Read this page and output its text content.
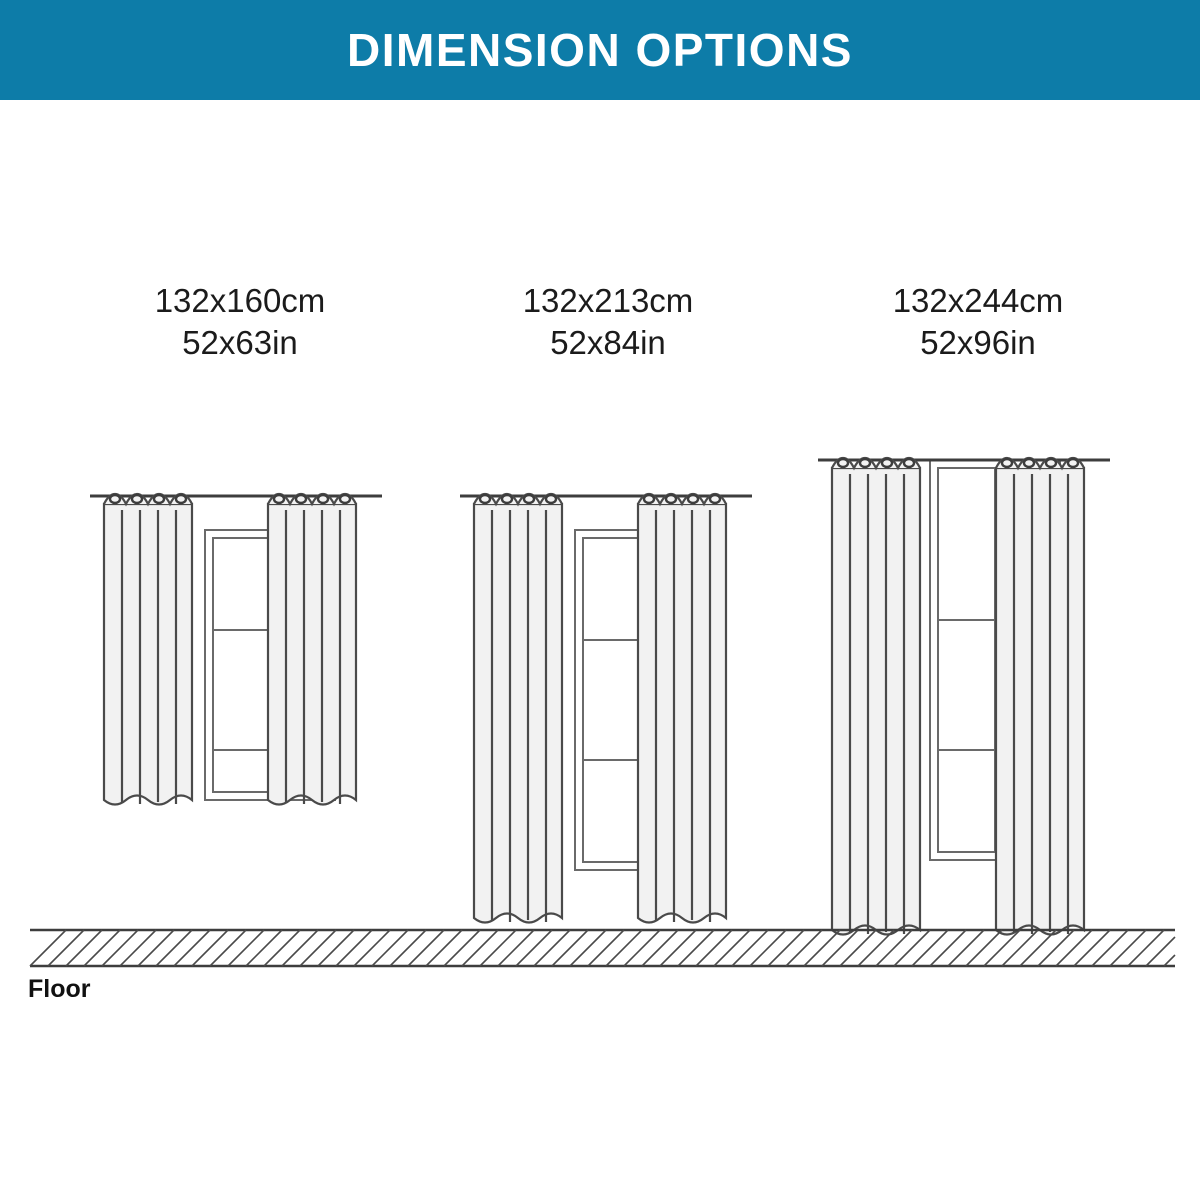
DIMENSION OPTIONS
132x160cm
52x63in
132x213cm
52x84in
132x244cm
52x96in
Floor
